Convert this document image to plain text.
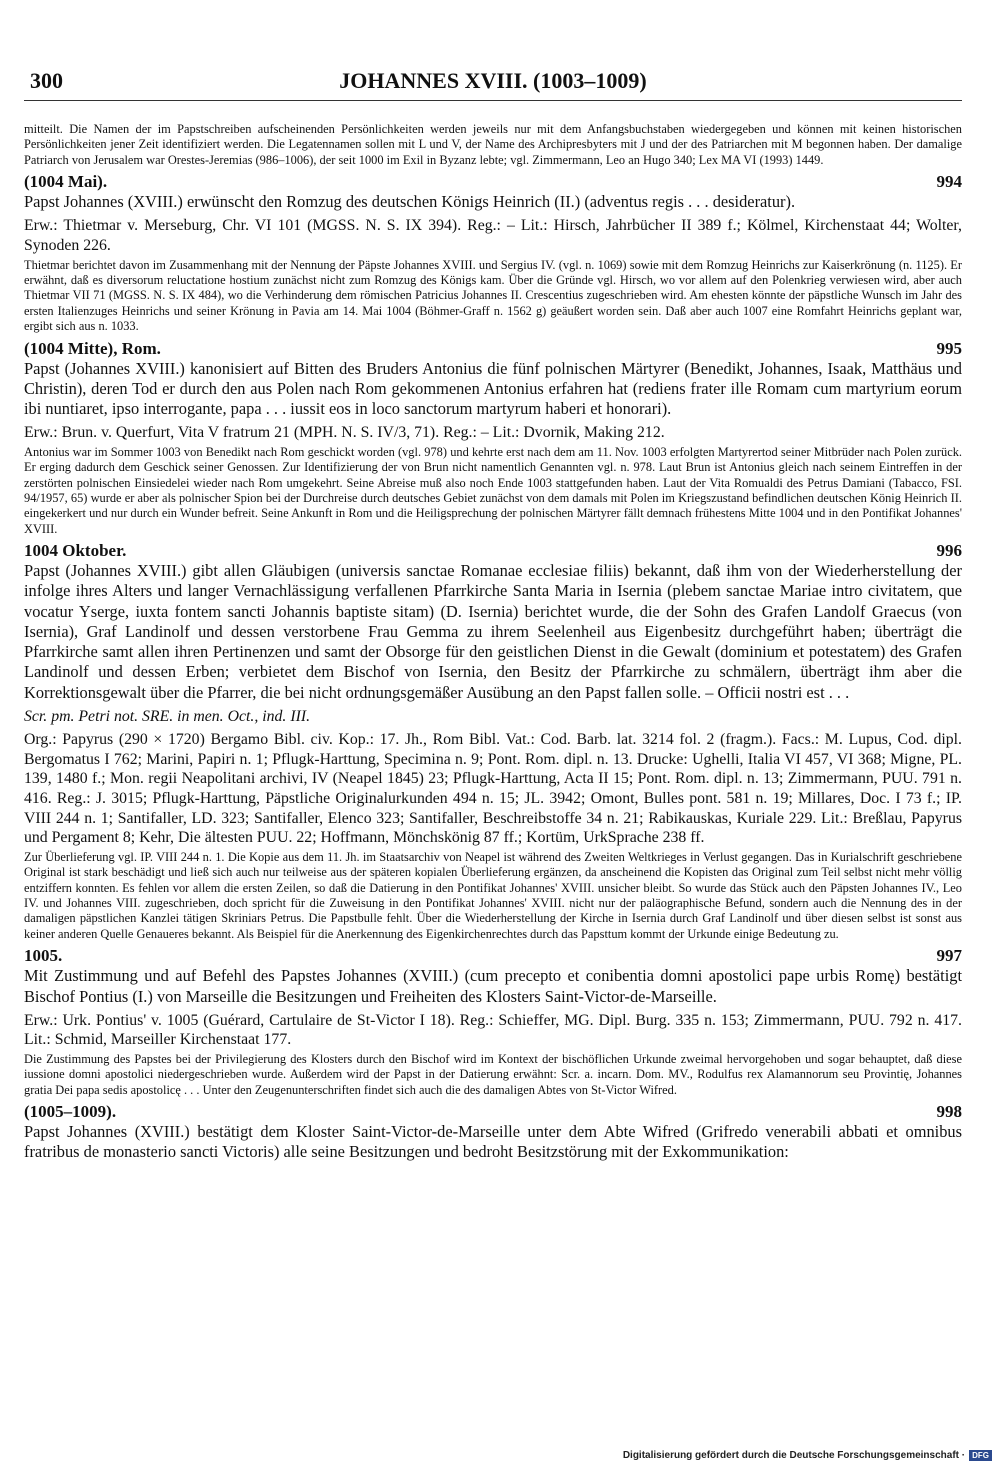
300	JOHANNES XVIII. (1003–1009)

mitteilt. Die Namen der im Papstschreiben aufscheinenden Persönlichkeiten werden jeweils nur mit dem Anfangsbuchstaben wiedergegeben und können mit keinen historischen Persönlichkeiten jener Zeit identifiziert werden. Die Legatennamen sollen mit L und V, der Name des Archipresbyters mit J und der des Patriarchen mit M begonnen haben. Der damalige Patriarch von Jerusalem war Orestes-Jeremias (986–1006), der seit 1000 im Exil in Byzanz lebte; vgl. Zimmermann, Leo an Hugo 340; Lex MA VI (1993) 1449.

(1004 Mai).	994

Papst Johannes (XVIII.) erwünscht den Romzug des deutschen Königs Heinrich (II.) (adventus regis . . . desideratur).

Erw.: Thietmar v. Merseburg, Chr. VI 101 (MGSS. N. S. IX 394). Reg.: – Lit.: Hirsch, Jahrbücher II 389 f.; Kölmel, Kirchenstaat 44; Wolter, Synoden 226.

Thietmar berichtet davon im Zusammenhang mit der Nennung der Päpste Johannes XVIII. und Sergius IV. (vgl. n. 1069) sowie mit dem Romzug Heinrichs zur Kaiserkrönung (n. 1125). Er erwähnt, daß es diversorum reluctatione hostium zunächst nicht zum Romzug des Königs kam. Über die Gründe vgl. Hirsch, wo vor allem auf den Polenkrieg verwiesen wird, aber auch Thietmar VII 71 (MGSS. N. S. IX 484), wo die Verhinderung dem römischen Patricius Johannes II. Crescentius zugeschrieben wird. Am ehesten könnte der päpstliche Wunsch im Jahr des ersten Italienzuges Heinrichs und seiner Krönung in Pavia am 14. Mai 1004 (Böhmer-Graff n. 1562 g) geäußert worden sein. Daß aber auch 1007 eine Romfahrt Heinrichs geplant war, ergibt sich aus n. 1033.

(1004 Mitte), Rom.	995

Papst (Johannes XVIII.) kanonisiert auf Bitten des Bruders Antonius die fünf polnischen Märtyrer (Benedikt, Johannes, Isaak, Matthäus und Christin), deren Tod er durch den aus Polen nach Rom gekommenen Antonius erfahren hat (rediens frater ille Romam cum martyrium eorum ibi nuntiaret, ipso interrogante, papa . . . iussit eos in loco sanctorum martyrum haberi et honorari).

Erw.: Brun. v. Querfurt, Vita V fratrum 21 (MPH. N. S. IV/3, 71). Reg.: – Lit.: Dvornik, Making 212.

Antonius war im Sommer 1003 von Benedikt nach Rom geschickt worden (vgl. 978) und kehrte erst nach dem am 11. Nov. 1003 erfolgten Martyrertod seiner Mitbrüder nach Polen zurück. Er erging dadurch dem Geschick seiner Genossen. Zur Identifizierung der von Brun nicht namentlich Genannten vgl. n. 978. Laut Brun ist Antonius gleich nach seinem Eintreffen in der zerstörten polnischen Einsiedelei wieder nach Rom umgekehrt. Seine Abreise muß also noch Ende 1003 stattgefunden haben. Laut der Vita Romualdi des Petrus Damiani (Tabacco, FSI. 94/1957, 65) wurde er aber als polnischer Spion bei der Durchreise durch deutsches Gebiet zunächst von dem damals mit Polen im Kriegszustand befindlichen deutschen König Heinrich II. eingekerkert und nur durch ein Wunder befreit. Seine Ankunft in Rom und die Heiligsprechung der polnischen Märtyrer fällt demnach frühestens Mitte 1004 und in den Pontifikat Johannes' XVIII.

1004 Oktober.	996

Papst (Johannes XVIII.) gibt allen Gläubigen (universis sanctae Romanae ecclesiae filiis) bekannt, daß ihm von der Wiederherstellung der infolge ihres Alters und langer Vernachlässigung verfallenen Pfarrkirche Santa Maria in Isernia (plebem sanctae Mariae intro civitatem, que vocatur Yserge, iuxta fontem sancti Johannis baptiste sitam) (D. Isernia) berichtet wurde, die der Sohn des Grafen Landolf Graecus (von Isernia), Graf Landinolf und dessen verstorbene Frau Gemma zu ihrem Seelenheil aus Eigenbesitz durchgeführt haben; überträgt die Pfarrkirche samt allen ihren Pertinenzen und samt der Obsorge für den geistlichen Dienst in die Gewalt (dominium et potestatem) des Grafen Landinolf und dessen Erben; verbietet dem Bischof von Isernia, den Besitz der Pfarrkirche zu schmälern, überträgt ihm aber die Korrektionsgewalt über die Pfarrer, die bei nicht ordnungsgemäßer Ausübung an den Papst fallen solle. – Officii nostri est . . .

Scr. pm. Petri not. SRE. in men. Oct., ind. III.

Org.: Papyrus (290 × 1720) Bergamo Bibl. civ. Kop.: 17. Jh., Rom Bibl. Vat.: Cod. Barb. lat. 3214 fol. 2 (fragm.). Facs.: M. Lupus, Cod. dipl. Bergomatus I 762; Marini, Papiri n. 1; Pflugk-Harttung, Specimina n. 9; Pont. Rom. dipl. n. 13. Drucke: Ughelli, Italia VI 457, VI 368; Migne, PL. 139, 1480 f.; Mon. regii Neapolitani archivi, IV (Neapel 1845) 23; Pflugk-Harttung, Acta II 15; Pont. Rom. dipl. n. 13; Zimmermann, PUU. 791 n. 416. Reg.: J. 3015; Pflugk-Harttung, Päpstliche Originalurkunden 494 n. 15; JL. 3942; Omont, Bulles pont. 581 n. 19; Millares, Doc. I 73 f.; IP. VIII 244 n. 1; Santifaller, LD. 323; Santifaller, Elenco 323; Santifaller, Beschreibstoffe 34 n. 21; Rabikauskas, Kuriale 229. Lit.: Breßlau, Papyrus und Pergament 8; Kehr, Die ältesten PUU. 22; Hoffmann, Mönchskönig 87 ff.; Kortüm, UrkSprache 238 ff.

Zur Überlieferung vgl. IP. VIII 244 n. 1. Die Kopie aus dem 11. Jh. im Staatsarchiv von Neapel ist während des Zweiten Weltkrieges in Verlust gegangen. Das in Kurialschrift geschriebene Original ist stark beschädigt und ließ sich auch nur teilweise aus der späteren kopialen Überlieferung ergänzen, da anscheinend die Kopisten das Original zum Teil selbst nicht mehr völlig entziffern konnten. Es fehlen vor allem die ersten Zeilen, so daß die Datierung in den Pontifikat Johannes' XVIII. unsicher bleibt. So wurde das Stück auch den Päpsten Johannes IV., Leo IV. und Johannes VIII. zugeschrieben, doch spricht für die Zuweisung in den Pontifikat Johannes' XVIII. nicht nur der paläographische Befund, sondern auch die Nennung des in der damaligen päpstlichen Kanzlei tätigen Skriniars Petrus. Die Papstbulle fehlt. Über die Wiederherstellung der Kirche in Isernia durch Graf Landinolf und über diesen selbst ist sonst aus keiner anderen Quelle Genaueres bekannt. Als Beispiel für die Anerkennung des Eigenkirchenrechtes durch das Papsttum kommt der Urkunde einige Bedeutung zu.

1005.	997

Mit Zustimmung und auf Befehl des Papstes Johannes (XVIII.) (cum precepto et conibentia domni apostolici pape urbis Romę) bestätigt Bischof Pontius (I.) von Marseille die Besitzungen und Freiheiten des Klosters Saint-Victor-de-Marseille.

Erw.: Urk. Pontius' v. 1005 (Guérard, Cartulaire de St-Victor I 18). Reg.: Schieffer, MG. Dipl. Burg. 335 n. 153; Zimmermann, PUU. 792 n. 417. Lit.: Schmid, Marseiller Kirchenstaat 177.

Die Zustimmung des Papstes bei der Privilegierung des Klosters durch den Bischof wird im Kontext der bischöflichen Urkunde zweimal hervorgehoben und sogar behauptet, daß diese iussione domni apostolici niedergeschrieben wurde. Außerdem wird der Papst in der Datierung erwähnt: Scr. a. incarn. Dom. MV., Rodulfus rex Alamannorum seu Provintię, Johannes gratia Dei papa sedis apostolicę . . . Unter den Zeugenunterschriften findet sich auch die des damaligen Abtes von St-Victor Wifred.

(1005–1009).	998

Papst Johannes (XVIII.) bestätigt dem Kloster Saint-Victor-de-Marseille unter dem Abte Wifred (Grifredo venerabili abbati et omnibus fratribus de monasterio sancti Victoris) alle seine Besitzungen und bedroht Besitzstörung mit der Exkommunikation:

Digitalisierung gefördert durch die Deutsche Forschungsgemeinschaft · DFG
